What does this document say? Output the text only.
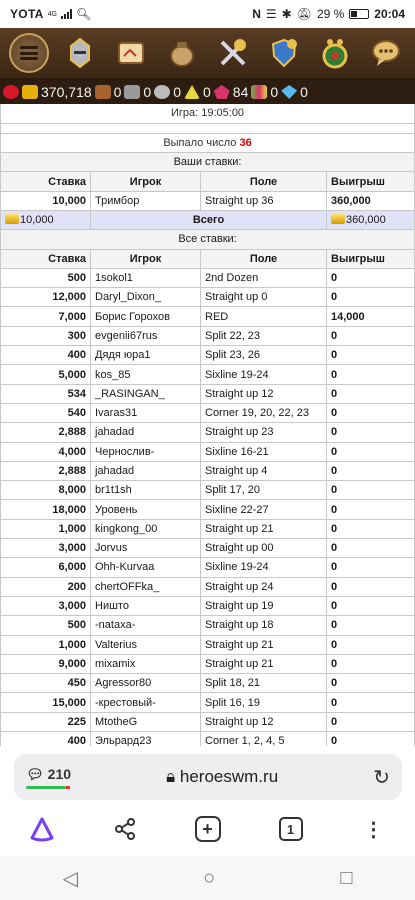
YOTA 4G 🔍︎	N ☰ ✱ 🔕︎ 29 %	20:04
370,718 0 0 0 0 84 0 0
Игра: 19:05:00			

Выпало число 36			
Ваши ставки:			
Ставка	Игрок	Поле	Выигрыш
10,000	Тримбор	Straight up 36	360,000
10,000	Всего		360,000
Все ставки:			
Ставка	Игрок	Поле	Выигрыш
500	1sokol1	2nd Dozen	0
12,000	Daryl_Dixon_	Straight up 0	0
7,000	Борис Горохов	RED	14,000
300	evgenii67rus	Split 22, 23	0
400	Дядя юра1	Split 23, 26	0
5,000	kos_85	Sixline 19-24	0
534	_RASINGAN_	Straight up 12	0
540	Ivaras31	Corner 19, 20, 22, 23	0
2,888	jahadad	Straight up 23	0
4,000	Чернослив-	Sixline 16-21	0
2,888	jahadad	Straight up 4	0
8,000	br1t1sh	Split 17, 20	0
18,000	Уровень	Sixline 22-27	0
1,000	kingkong_00	Straight up 21	0
3,000	Jorvus	Straight up 00	0
6,000	Ohh-Kurvaa	Sixline 19-24	0
200	chertOFFka_	Straight up 24	0
3,000	Ништо	Straight up 19	0
500	-nataxa-	Straight up 18	0
1,000	Valterius	Straight up 21	0
9,000	mixamix	Straight up 21	0
450	Agressor80	Split 18, 21	0
15,000	-крестовый-	Split 16, 19	0
225	MtotheG	Straight up 12	0
400	Эльрард23	Corner 1, 2, 4, 5	0
💬︎ 210	🔒︎ heroeswm.ru	↻
+	1	⋮
◁	○	□
